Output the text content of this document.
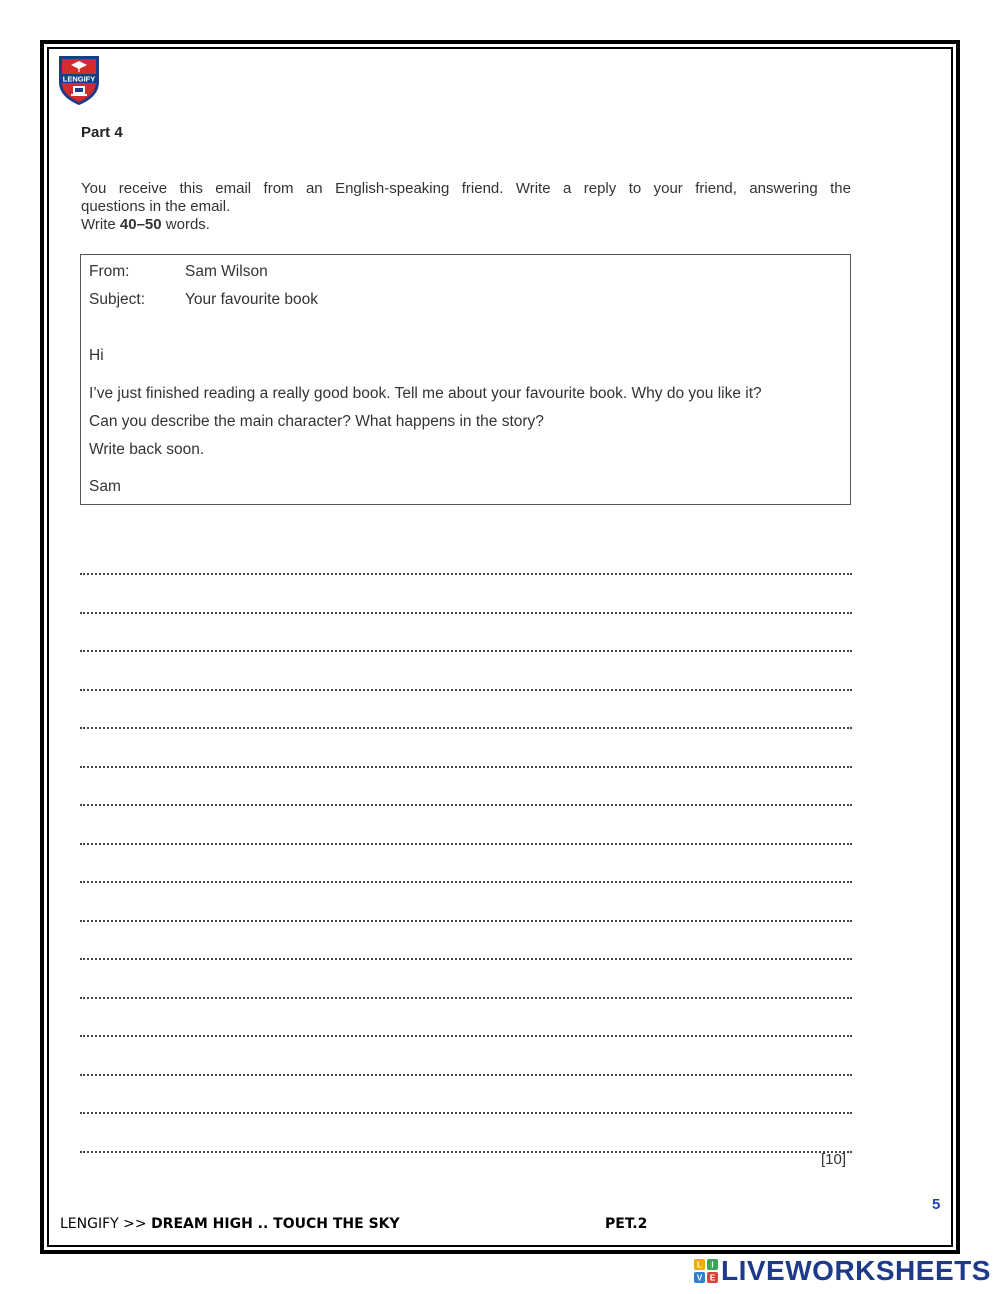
LENGIFY
Part 4
You receive this email from an English-speaking friend. Write a reply to your friend, answering the
questions in the email.
Write 40–50 words.
From:	Sam Wilson
Subject:	Your favourite book
Hi
I’ve just finished reading a really good book. Tell me about your favourite book. Why do you like it?
Can you describe the main character? What happens in the story?
Write back soon.
Sam
[10]
5
LENGIFY >> DREAM HIGH .. TOUCH THE SKY	PET.2
L I
V E LIVEWORKSHEETS
